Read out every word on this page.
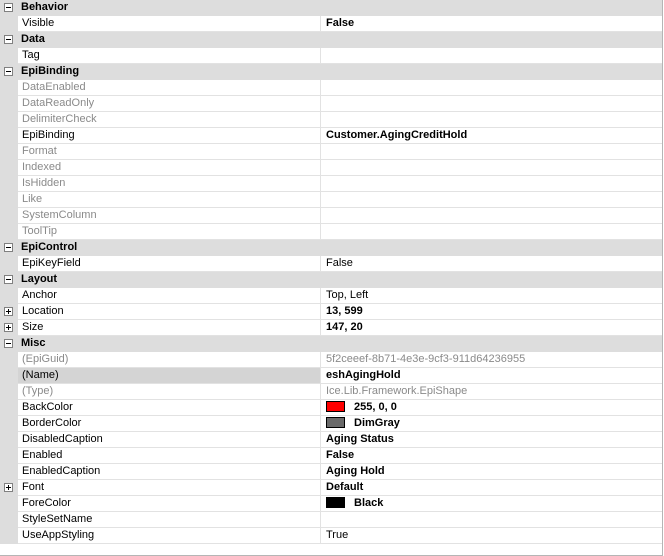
Behavior
Visible	False
Data
Tag
EpiBinding
DataEnabled
DataReadOnly
DelimiterCheck
EpiBinding	Customer.AgingCreditHold
Format
Indexed
IsHidden
Like
SystemColumn
ToolTip
EpiControl
EpiKeyField	False
Layout
Anchor	Top, Left
Location	13, 599
Size	147, 20
Misc
(EpiGuid)	5f2ceeef-8b71-4e3e-9cf3-911d64236955
(Name)	eshAgingHold
(Type)	Ice.Lib.Framework.EpiShape
BackColor	255, 0, 0
BorderColor	DimGray
DisabledCaption	Aging Status
Enabled	False
EnabledCaption	Aging Hold
Font	Default
ForeColor	Black
StyleSetName
UseAppStyling	True
